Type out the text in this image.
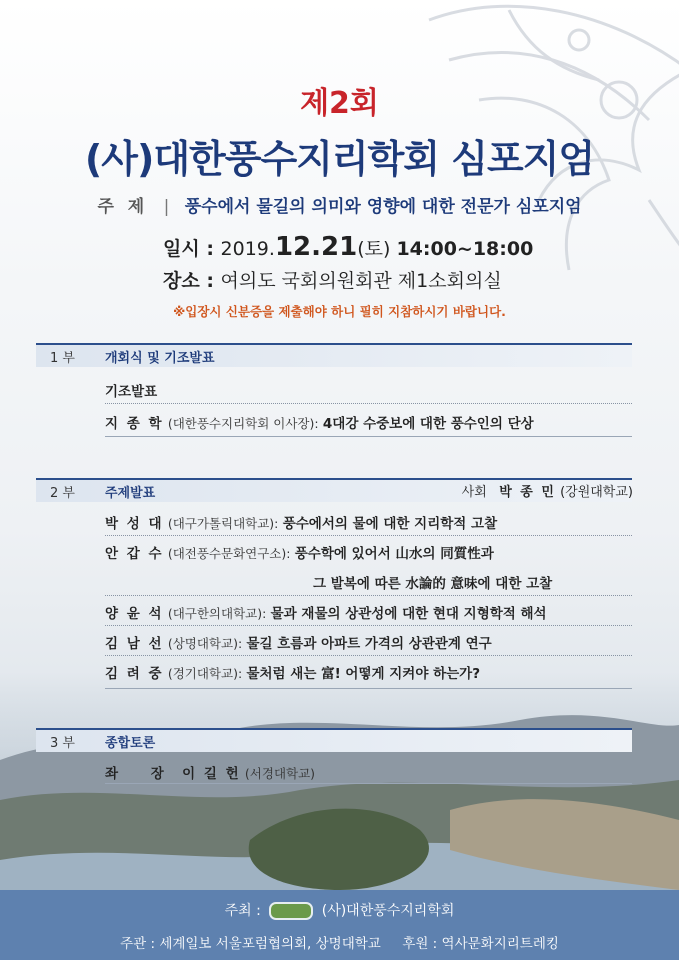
제2회
(사)대한풍수지리학회 심포지엄
주 제 | 풍수에서 물길의 의미와 영향에 대한 전문가 심포지엄
일시 : 2019.12.21(토) 14:00~18:00
장소 : 여의도 국회의원회관 제1소회의실
※입장시 신분증을 제출해야 하니 필히 지참하시기 바랍니다.
1 부 개회식 및 기조발표
기조발표
지 종 학 (대한풍수지리학회 이사장): 4대강 수중보에 대한 풍수인의 단상
2 부 주제발표	사회 박 종 민 (강원대학교)
박 성 대 (대구가톨릭대학교): 풍수에서의 물에 대한 지리학적 고찰
안 갑 수 (대전풍수문화연구소): 풍수학에 있어서 山水의 同質性과
그 발복에 따른 水論的 意味에 대한 고찰
양 윤 석 (대구한의대학교): 물과 재물의 상관성에 대한 현대 지형학적 해석
김 남 선 (상명대학교): 물길 흐름과 아파트 가격의 상관관계 연구
김 려 중 (경기대학교): 물처럼 새는 富! 어떻게 지켜야 하는가?
3 부 종합토론
좌 장 이 길 헌 (서경대학교)
주최 :	(사)대한풍수지리학회
주관 : 세계일보 서울포럼협의회, 상명대학교 후원 : 역사문화지리트레킹
